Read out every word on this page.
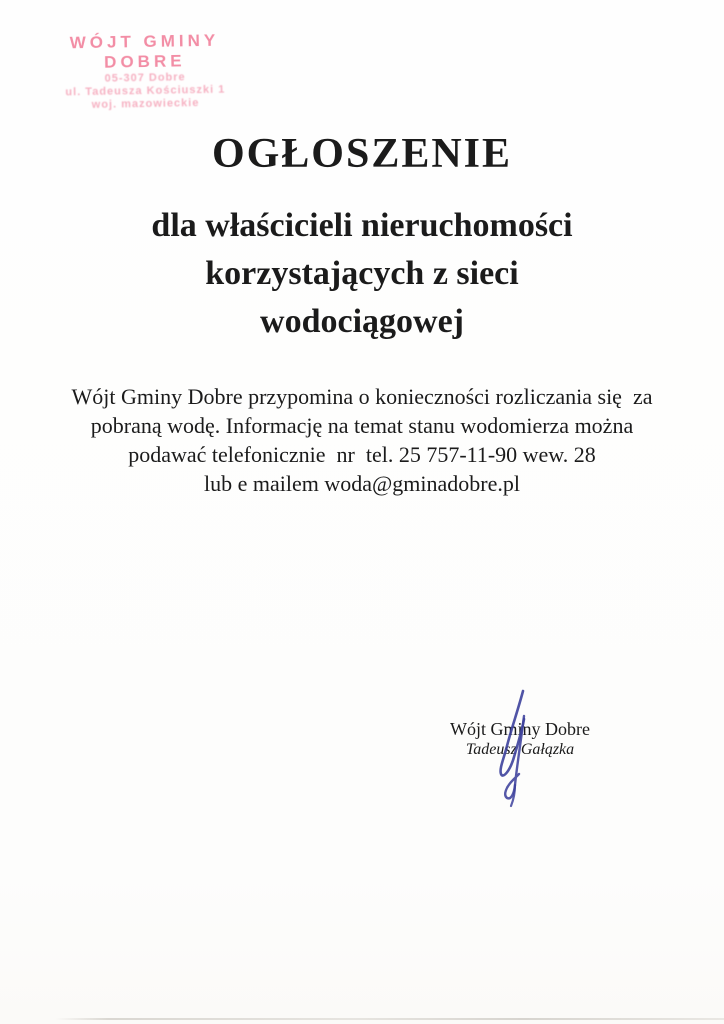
WÓJT GMINY
DOBRE
05-307 Dobre
ul. Tadeusza Kościuszki 1
woj. mazowieckie
OGŁOSZENIE
dla właścicieli nieruchomości
korzystających z sieci
wodociągowej
Wójt Gminy Dobre przypomina o konieczności rozliczania się  za
pobraną wodę. Informację na temat stanu wodomierza można
podawać telefonicznie  nr  tel. 25 757-11-90 wew. 28
lub e mailem woda@gminadobre.pl
Wójt Gminy Dobre
Tadeusz Gałązka
